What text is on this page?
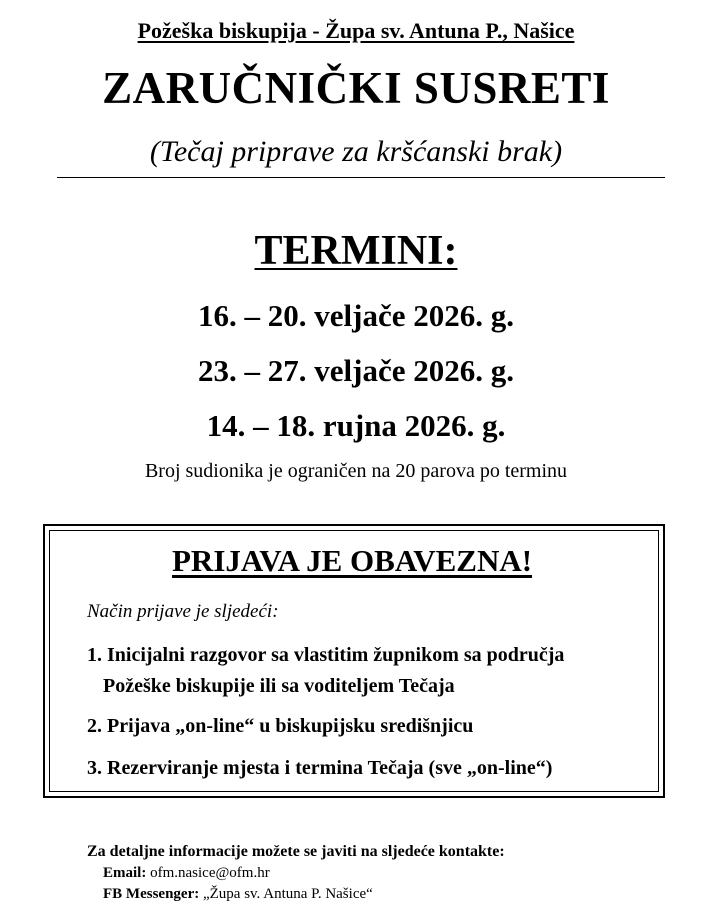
Požeška biskupija - Župa sv. Antuna P., Našice
ZARUČNIČKI SUSRETI
(Tečaj priprave za kršćanski brak)
TERMINI:
16. – 20. veljače 2026. g.
23. – 27. veljače 2026. g.
14. – 18. rujna 2026. g.
Broj sudionika je ograničen na 20 parova po terminu
PRIJAVA JE OBAVEZNA!
Način prijave je sljedeći:
1. Inicijalni razgovor sa vlastitim župnikom sa područja
Požeške biskupije ili sa voditeljem Tečaja
2. Prijava „on-line“ u biskupijsku središnjicu
3. Rezerviranje mjesta i termina Tečaja (sve „on-line“)
Za detaljne informacije možete se javiti na sljedeće kontakte:
Email: ofm.nasice@ofm.hr
FB Messenger: „Župa sv. Antuna P. Našice“
